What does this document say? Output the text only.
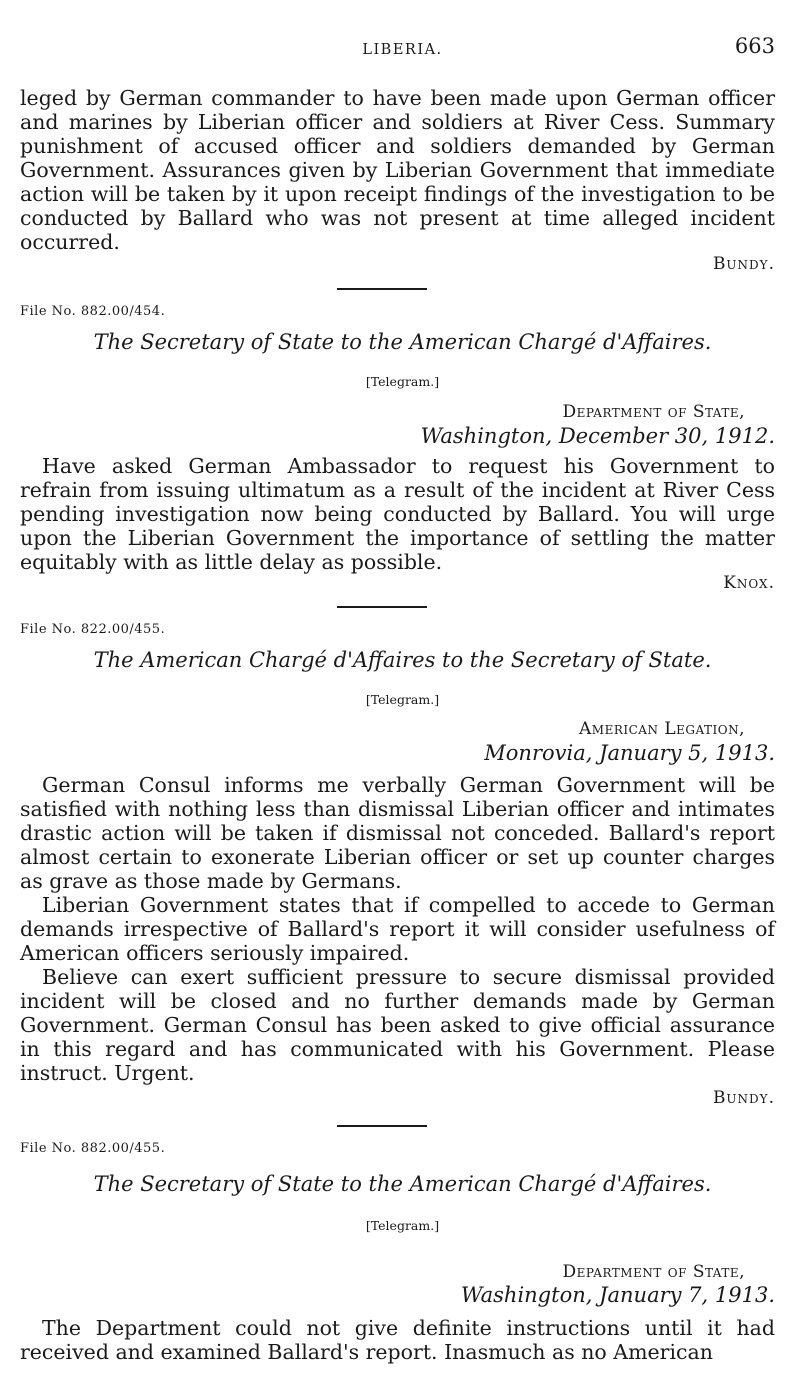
LIBERIA.	663

leged by German commander to have been made upon German officer and marines by Liberian officer and soldiers at River Cess. Summary punishment of accused officer and soldiers demanded by German Government. Assurances given by Liberian Government that immediate action will be taken by it upon receipt findings of the investigation to be conducted by Ballard who was not present at time alleged incident occurred.

Bundy.
File No. 882.00/454.
The Secretary of State to the American Chargé d'Affaires.
[Telegram.]
Department of State,
Washington, December 30, 1912.

Have asked German Ambassador to request his Government to refrain from issuing ultimatum as a result of the incident at River Cess pending investigation now being conducted by Ballard. You will urge upon the Liberian Government the importance of settling the matter equitably with as little delay as possible.

Knox.
File No. 822.00/455.
The American Chargé d'Affaires to the Secretary of State.
[Telegram.]
American Legation,
Monrovia, January 5, 1913.

German Consul informs me verbally German Government will be satisfied with nothing less than dismissal Liberian officer and intimates drastic action will be taken if dismissal not conceded. Ballard's report almost certain to exonerate Liberian officer or set up counter charges as grave as those made by Germans.

Liberian Government states that if compelled to accede to German demands irrespective of Ballard's report it will consider usefulness of American officers seriously impaired.

Believe can exert sufficient pressure to secure dismissal provided incident will be closed and no further demands made by German Government. German Consul has been asked to give official assurance in this regard and has communicated with his Government. Please instruct. Urgent.

Bundy.
File No. 882.00/455.
The Secretary of State to the American Chargé d'Affaires.
[Telegram.]
Department of State,
Washington, January 7, 1913.

The Department could not give definite instructions until it had received and examined Ballard's report. Inasmuch as no American
